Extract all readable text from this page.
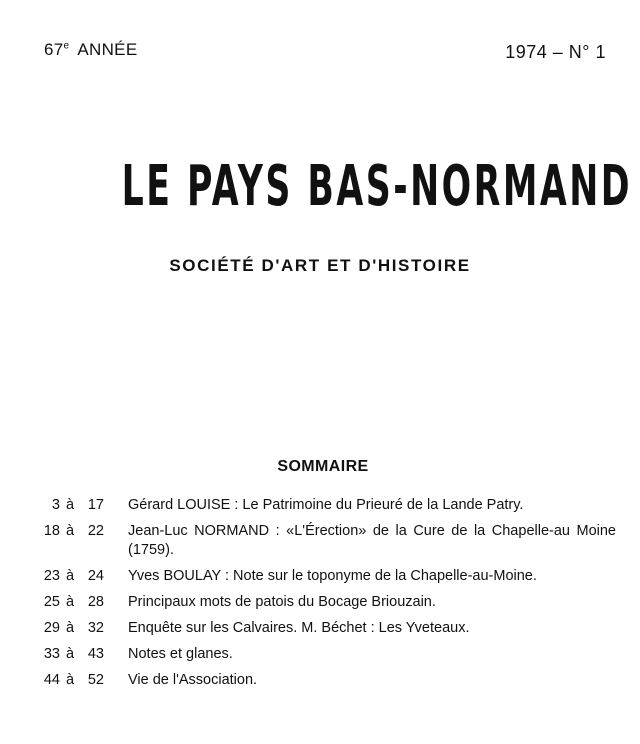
67e ANNÉE	1974 – N° 1
LE PAYS BAS-NORMAND
SOCIÉTÉ D'ART ET D'HISTOIRE
SOMMAIRE
3 à 17 Gérard LOUISE : Le Patrimoine du Prieuré de la Lande Patry.
18 à 22 Jean-Luc NORMAND : «L'Érection» de la Cure de la Chapelle-au Moine (1759).
23 à 24 Yves BOULAY : Note sur le toponyme de la Chapelle-au-Moine.
25 à 28 Principaux mots de patois du Bocage Briouzain.
29 à 32 Enquête sur les Calvaires. M. Béchet : Les Yveteaux.
33 à 43 Notes et glanes.
44 à 52 Vie de l'Association.
